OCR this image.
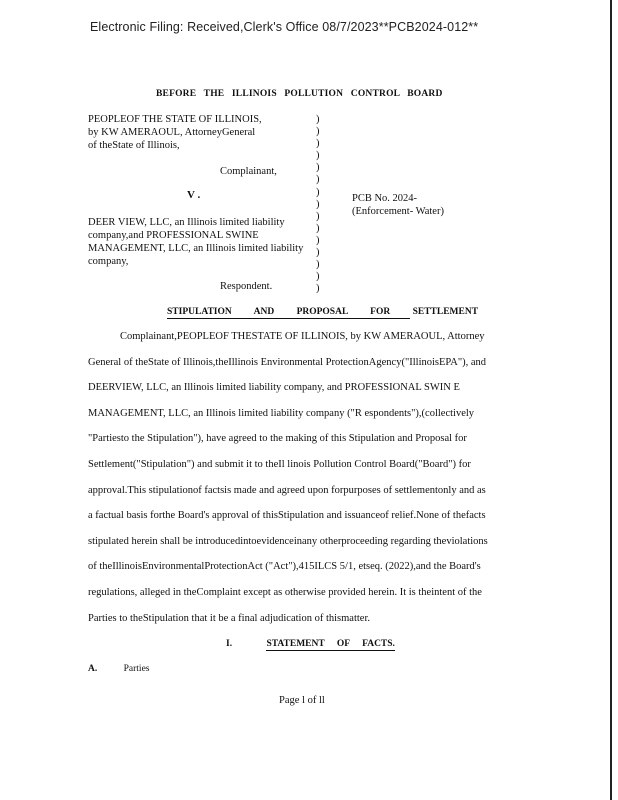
Electronic Filing: Received,Clerk's Office 08/7/2023**PCB2024-012**
BEFORE THE ILLINOIS POLLUTION CONTROL BOARD
PEOPLEOF THE STATE OF ILLINOIS,
by KW AMERAOUL, AttorneyGeneral
of theState of Illinois,
Complainant,
V .
DEER VIEW, LLC, an Illinois limited liability
company,and PROFESSIONAL SWINE
MANAGEMENT, LLC, an Illinois limited liability
company,
Respondent.
)
)
)
)
)
)
)
)
)
)
)
)
)
)
)
PCB No. 2024-
(Enforcement- Water)
STIPULATION AND PROPOSAL FOR SETTLEMENT
Complainant,PEOPLEOF THESTATE OF ILLINOIS, by KW AMERAOUL, Attorney
General of theState of Illinois,theIllinois Environmental ProtectionAgency("IllinoisEPA"), and
DEERVIEW, LLC, an Illinois limited liability company, and PROFESSIONAL SWIN E
MANAGEMENT, LLC, an Illinois limited liability company ("R espondents"),(collectively
"Partiesto the Stipulation"), have agreed to the making of this Stipulation and Proposal for
Settlement("Stipulation") and submit it to theIl linois Pollution Control Board("Board") for
approval.This stipulationof factsis made and agreed upon forpurposes of settlementonly and as
a factual basis forthe Board's approval of thisStipulation and issuanceof relief.None of thefacts
stipulated herein shall be introducedintoevidenceinany otherproceeding regarding theviolations
of theIllinoisEnvironmentalProtectionAct ("Act"),415ILCS 5/1, etseq. (2022),and the Board's
regulations, alleged in theComplaint except as otherwise provided herein. It is theintent of the
Parties to theStipulation that it be a final adjudication of thismatter.
I.	STATEMENT OF FACTS.
A.	Parties
Page l of ll
